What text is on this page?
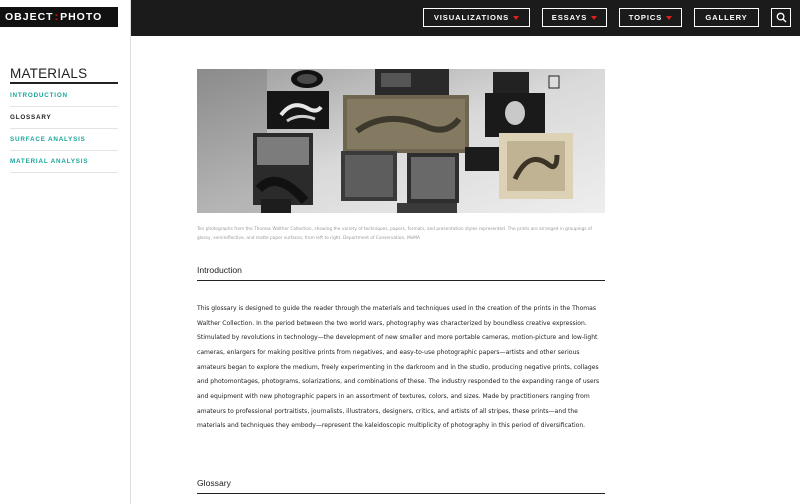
OBJECT : PHOTO	VISUALIZATIONS	ESSAYS	TOPICS	GALLERY
MATERIALS
INTRODUCTION
GLOSSARY
SURFACE ANALYSIS
MATERIAL ANALYSIS
Ten photographs from the Thomas Walther Collection, showing the variety of techniques, papers, formats, and presentation styles represented. The prints are arranged in groupings of glossy, semireflective, and matte paper surfaces, from left to right. Department of Conservation, MoMA
Introduction
This glossary is designed to guide the reader through the materials and techniques used in the creation of the prints in the Thomas Walther Collection. In the period between the two world wars, photography was characterized by boundless creative expression. Stimulated by revolutions in technology—the development of new smaller and more portable cameras, motion-picture and low-light cameras, enlargers for making positive prints from negatives, and easy-to-use photographic papers—artists and other serious amateurs began to explore the medium, freely experimenting in the darkroom and in the studio, producing negative prints, collages and photomontages, photograms, solarizations, and combinations of these. The industry responded to the expanding range of users and equipment with new photographic papers in an assortment of textures, colors, and sizes. Made by practitioners ranging from amateurs to professional portraitists, journalists, illustrators, designers, critics, and artists of all stripes, these prints—and the materials and techniques they embody—represent the kaleidoscopic multiplicity of photography in this period of diversification.
Glossary
